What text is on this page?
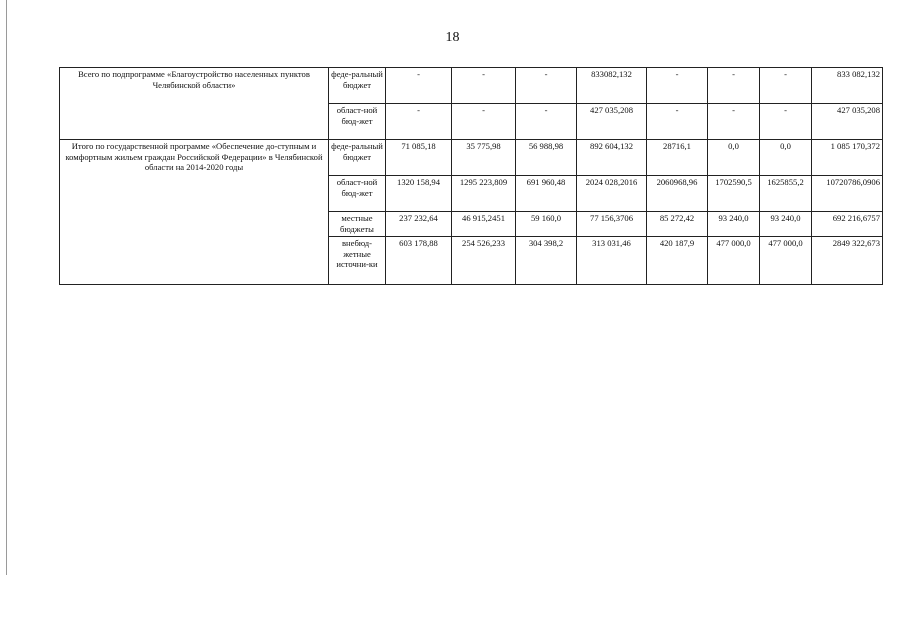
18
Всего по подпрограмме «Благоустройство населенных пунктов Челябинской области»	феде-ральный бюджет	-	-	-	833082,132	-	-	-	833 082,132
	област-ной бюд-жет	-	-	-	427 035,208	-	-	-	427 035,208
Итого по государственной программе «Обеспечение до-ступным и комфортным жильем граждан Российской Федерации» в Челябинской области на 2014-2020 годы	феде-ральный бюджет	71 085,18	35 775,98	56 988,98	892 604,132	28716,1	0,0	0,0	1 085 170,372
	област-ной бюд-жет	1320 158,94	1295 223,809	691 960,48	2024 028,2016	2060968,96	1702590,5	1625855,2	10720786,0906
	местные бюджеты	237 232,64	46 915,2451	59 160,0	77 156,3706	85 272,42	93 240,0	93 240,0	692 216,6757
	внебюд-жетные источни-ки	603 178,88	254 526,233	304 398,2	313 031,46	420 187,9	477 000,0	477 000,0	2849 322,673
